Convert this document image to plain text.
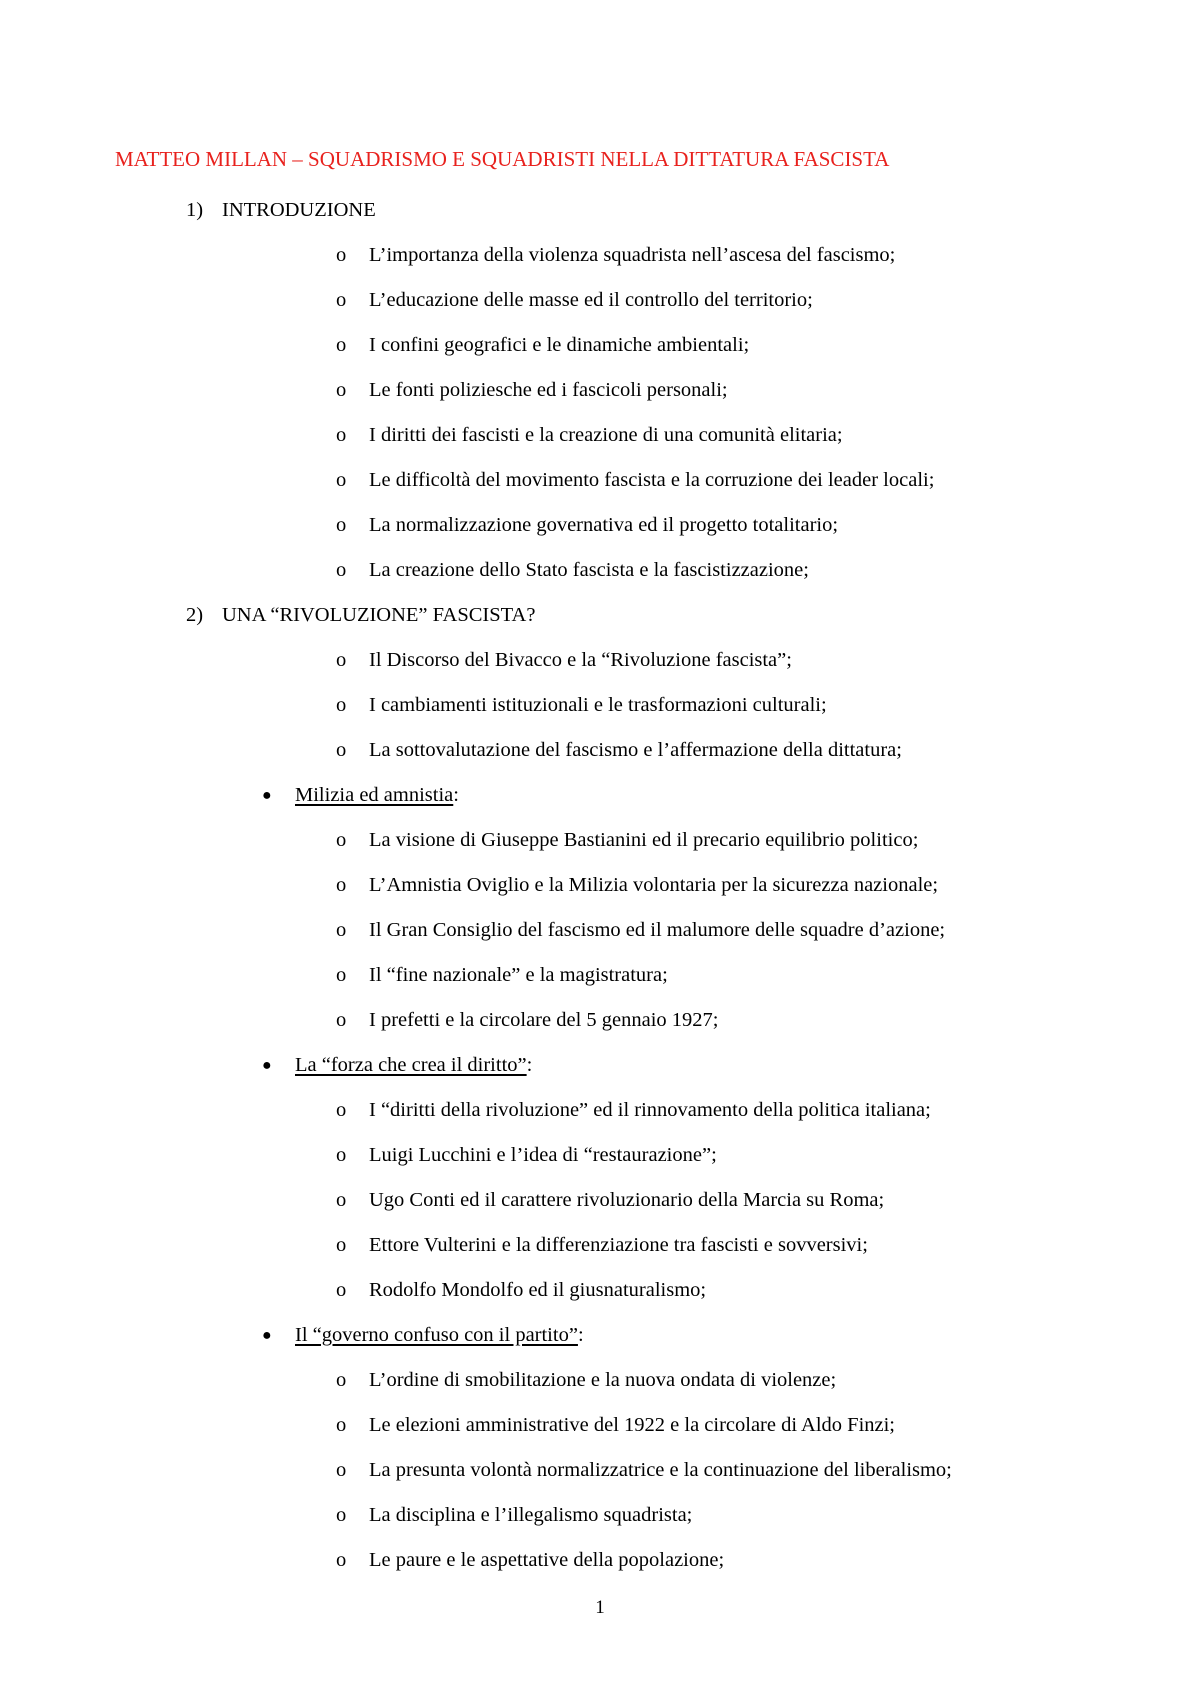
MATTEO MILLAN – SQUADRISMO E SQUADRISTI NELLA DITTATURA FASCISTA
1) INTRODUZIONE
o L’importanza della violenza squadrista nell’ascesa del fascismo;
o L’educazione delle masse ed il controllo del territorio;
o I confini geografici e le dinamiche ambientali;
o Le fonti poliziesche ed i fascicoli personali;
o I diritti dei fascisti e la creazione di una comunità elitaria;
o Le difficoltà del movimento fascista e la corruzione dei leader locali;
o La normalizzazione governativa ed il progetto totalitario;
o La creazione dello Stato fascista e la fascistizzazione;
2) UNA “RIVOLUZIONE” FASCISTA?
o Il Discorso del Bivacco e la “Rivoluzione fascista”;
o I cambiamenti istituzionali e le trasformazioni culturali;
o La sottovalutazione del fascismo e l’affermazione della dittatura;
● Milizia ed amnistia:
o La visione di Giuseppe Bastianini ed il precario equilibrio politico;
o L’Amnistia Oviglio e la Milizia volontaria per la sicurezza nazionale;
o Il Gran Consiglio del fascismo ed il malumore delle squadre d’azione;
o Il “fine nazionale” e la magistratura;
o I prefetti e la circolare del 5 gennaio 1927;
● La “forza che crea il diritto”:
o I “diritti della rivoluzione” ed il rinnovamento della politica italiana;
o Luigi Lucchini e l’idea di “restaurazione”;
o Ugo Conti ed il carattere rivoluzionario della Marcia su Roma;
o Ettore Vulterini e la differenziazione tra fascisti e sovversivi;
o Rodolfo Mondolfo ed il giusnaturalismo;
● Il “governo confuso con il partito”:
o L’ordine di smobilitazione e la nuova ondata di violenze;
o Le elezioni amministrative del 1922 e la circolare di Aldo Finzi;
o La presunta volontà normalizzatrice e la continuazione del liberalismo;
o La disciplina e l’illegalismo squadrista;
o Le paure e le aspettative della popolazione;
1
